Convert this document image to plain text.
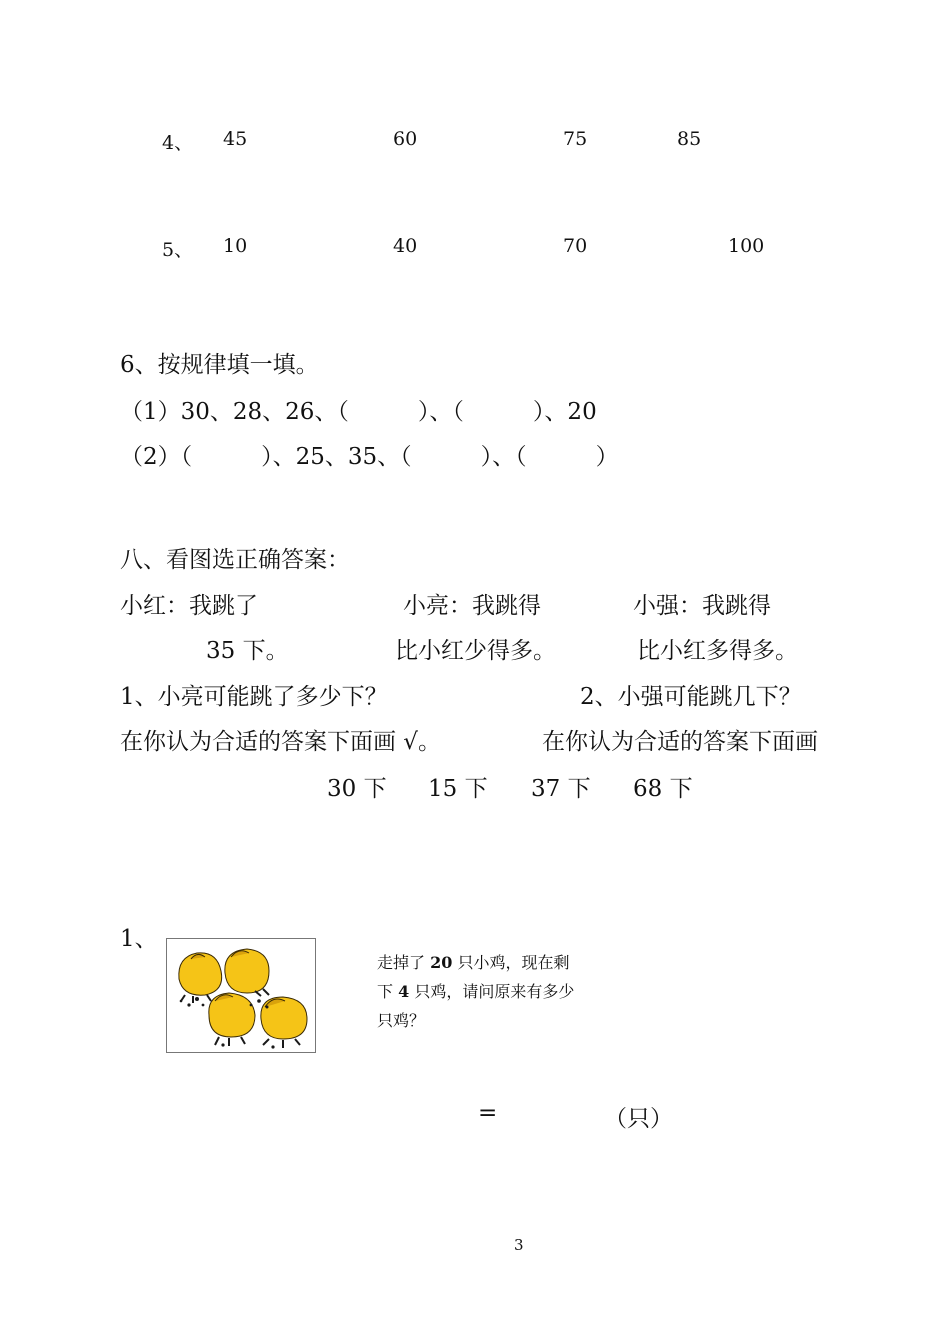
4、 45	60	75	85
5、 10	40	70	100
6、按规律填一填。
（1）30、28、26、（　　　）、（　　　）、20
（2）（　　　）、25、35、（　　　）、（　　　）
八、看图选正确答案：
小红：我跳了
35 下。
小亮：我跳得
比小红少得多。
小强：我跳得
比小红多得多。
1、小亮可能跳了多少下？	2、小强可能跳几下？
在你认为合适的答案下面画 √。	在你认为合适的答案下面画
30 下 15 下 37 下 68 下
1、
走掉了 20 只小鸡，现在剩
下 4 只鸡，请问原来有多少
只鸡？
=	（只）
3
